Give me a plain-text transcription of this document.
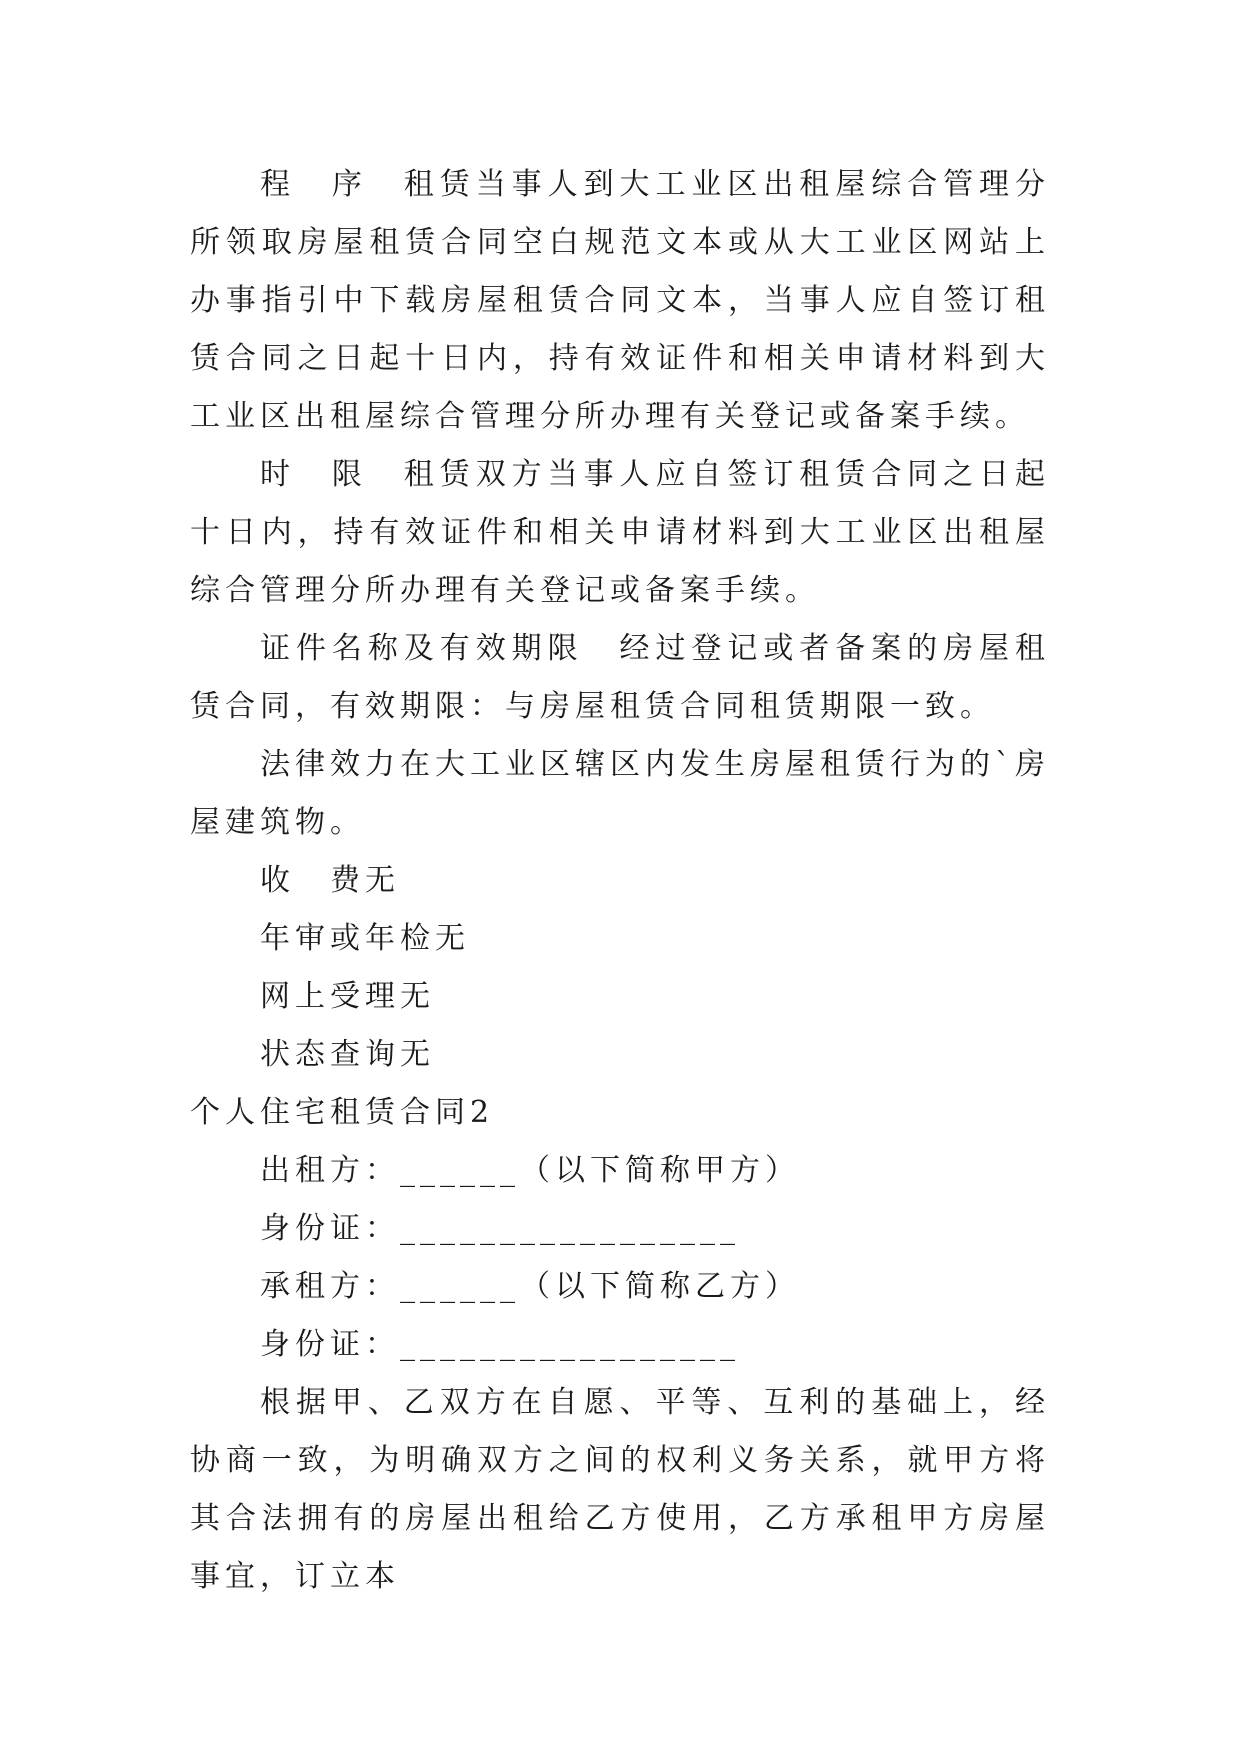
程　序　租赁当事人到大工业区出租屋综合管理分所领取房屋租赁合同空白规范文本或从大工业区网站上办事指引中下载房屋租赁合同文本，当事人应自签订租赁合同之日起十日内，持有效证件和相关申请材料到大工业区出租屋综合管理分所办理有关登记或备案手续。

时　限　租赁双方当事人应自签订租赁合同之日起十日内，持有效证件和相关申请材料到大工业区出租屋综合管理分所办理有关登记或备案手续。

证件名称及有效期限　经过登记或者备案的房屋租赁合同，有效期限：与房屋租赁合同租赁期限一致。

法律效力在大工业区辖区内发生房屋租赁行为的`房屋建筑物。

收　费无

年审或年检无

网上受理无

状态查询无

个人住宅租赁合同2

出租方：______（以下简称甲方）

身份证：_________________

承租方：______（以下简称乙方）

身份证：_________________

根据甲、乙双方在自愿、平等、互利的基础上，经协商一致，为明确双方之间的权利义务关系，就甲方将其合法拥有的房屋出租给乙方使用，乙方承租甲方房屋事宜，订立本
